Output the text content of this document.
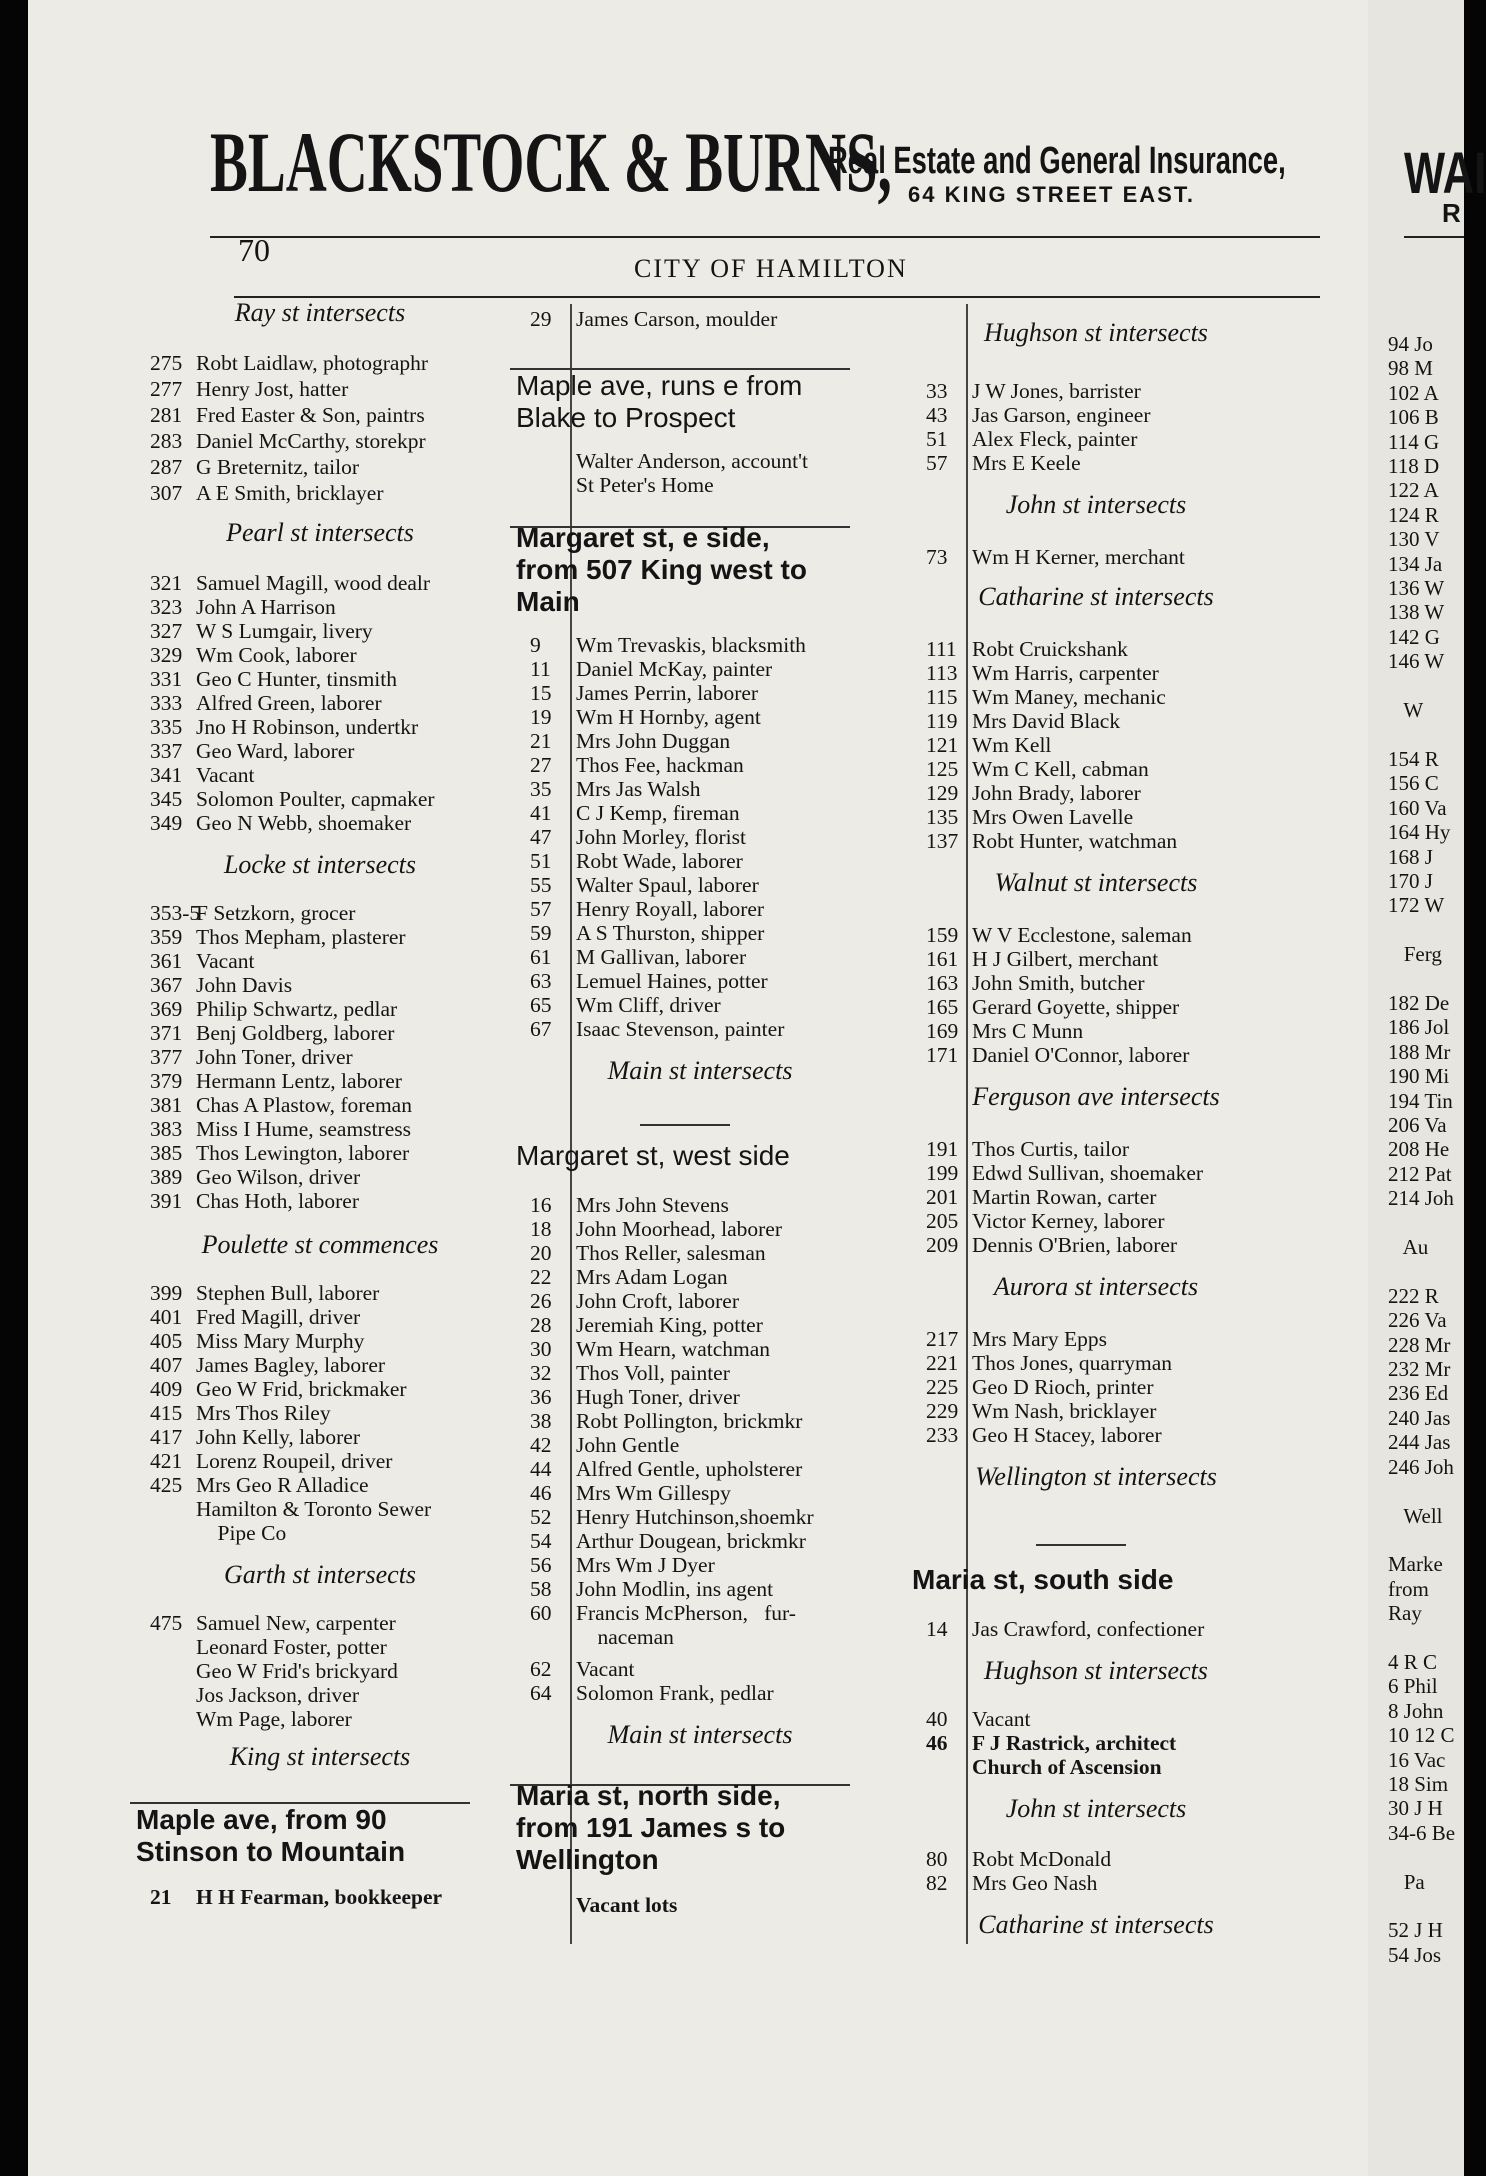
BLACKSTOCK & BURNS,
Real Estate and General Insurance,
64 KING STREET EAST.
70
CITY OF HAMILTON
Ray st intersects
275 Robt Laidlaw, photographr
277 Henry Jost, hatter
281 Fred Easter & Son, paintrs
283 Daniel McCarthy, storekpr
287 G Breternitz, tailor
307 A E Smith, bricklayer
Pearl st intersects
321 Samuel Magill, wood dealr
323 John A Harrison
327 W S Lumgair, livery
329 Wm Cook, laborer
331 Geo C Hunter, tinsmith
333 Alfred Green, laborer
335 Jno H Robinson, undertkr
337 Geo Ward, laborer
341 Vacant
345 Solomon Poulter, capmaker
349 Geo N Webb, shoemaker
Locke st intersects
353-5F Setzkorn, grocer
359 Thos Mepham, plasterer
361 Vacant
367 John Davis
369 Philip Schwartz, pedlar
371 Benj Goldberg, laborer
377 John Toner, driver
379 Hermann Lentz, laborer
381 Chas A Plastow, foreman
383 Miss I Hume, seamstress
385 Thos Lewington, laborer
389 Geo Wilson, driver
391 Chas Hoth, laborer
Poulette st commences
399 Stephen Bull, laborer
401 Fred Magill, driver
405 Miss Mary Murphy
407 James Bagley, laborer
409 Geo W Frid, brickmaker
415 Mrs Thos Riley
417 John Kelly, laborer
421 Lorenz Roupeil, driver
425 Mrs Geo R Alladice
Hamilton & Toronto Sewer
Pipe Co
Garth st intersects
475 Samuel New, carpenter
Leonard Foster, potter
Geo W Frid's brickyard
Jos Jackson, driver
Wm Page, laborer
King st intersects
Maple ave, from 90
Stinson to Mountain
21 H H Fearman, bookkeeper
29 James Carson, moulder
Maple ave, runs e from
Blake to Prospect
Walter Anderson, account't
St Peter's Home
Margaret st, e side,
from 507 King west to
Main
9 Wm Trevaskis, blacksmith
11 Daniel McKay, painter
15 James Perrin, laborer
19 Wm H Hornby, agent
21 Mrs John Duggan
27 Thos Fee, hackman
35 Mrs Jas Walsh
41 C J Kemp, fireman
47 John Morley, florist
51 Robt Wade, laborer
55 Walter Spaul, laborer
57 Henry Royall, laborer
59 A S Thurston, shipper
61 M Gallivan, laborer
63 Lemuel Haines, potter
65 Wm Cliff, driver
67 Isaac Stevenson, painter
Main st intersects
Margaret st, west side
16 Mrs John Stevens
18 John Moorhead, laborer
20 Thos Reller, salesman
22 Mrs Adam Logan
26 John Croft, laborer
28 Jeremiah King, potter
30 Wm Hearn, watchman
32 Thos Voll, painter
36 Hugh Toner, driver
38 Robt Pollington, brickmkr
42 John Gentle
44 Alfred Gentle, upholsterer
46 Mrs Wm Gillespy
52 Henry Hutchinson,shoemkr
54 Arthur Dougean, brickmkr
56 Mrs Wm J Dyer
58 John Modlin, ins agent
60 Francis McPherson,   fur-
naceman
62 Vacant
64 Solomon Frank, pedlar
Main st intersects
Maria st, north side,
from 191 James s to
Wellington
Vacant lots
Hughson st intersects
33 J W Jones, barrister
43 Jas Garson, engineer
51 Alex Fleck, painter
57 Mrs E Keele
John st intersects
73 Wm H Kerner, merchant
Catharine st intersects
111 Robt Cruickshank
113 Wm Harris, carpenter
115 Wm Maney, mechanic
119 Mrs David Black
121 Wm Kell
125 Wm C Kell, cabman
129 John Brady, laborer
135 Mrs Owen Lavelle
137 Robt Hunter, watchman
Walnut st intersects
159 W V Ecclestone, saleman
161 H J Gilbert, merchant
163 John Smith, butcher
165 Gerard Goyette, shipper
169 Mrs C Munn
171 Daniel O'Connor, laborer
Ferguson ave intersects
191 Thos Curtis, tailor
199 Edwd Sullivan, shoemaker
201 Martin Rowan, carter
205 Victor Kerney, laborer
209 Dennis O'Brien, laborer
Aurora st intersects
217 Mrs Mary Epps
221 Thos Jones, quarryman
225 Geo D Rioch, printer
229 Wm Nash, bricklayer
233 Geo H Stacey, laborer
Wellington st intersects
Maria st, south side
14 Jas Crawford, confectioner
Hughson st intersects
40 Vacant
46 F J Rastrick, architect
Church of Ascension
John st intersects
80 Robt McDonald
82 Mrs Geo Nash
Catharine st intersects
WAI
R
94 Jo
98 M
102 A
106 B
114 G
118 D
122 A
124 R
130 V
134 Ja
136 W
138 W
142 G
146 W

W

154 R
156 C
160 Va
164 Hy
168 J
170 J
172 W

Ferg

182 De
186 Jol
188 Mr
190 Mi
194 Tin
206 Va
208 He
212 Pat
214 Joh

Au

222 R
226 Va
228 Mr
232 Mr
236 Ed
240 Jas
244 Jas
246 Joh

Well

Marke
from
Ray

4 R C
6 Phil
8 John
10 12 C
16 Vac
18 Sim
30 J H
34-6 Be

Pa

52 J H
54 Jos
